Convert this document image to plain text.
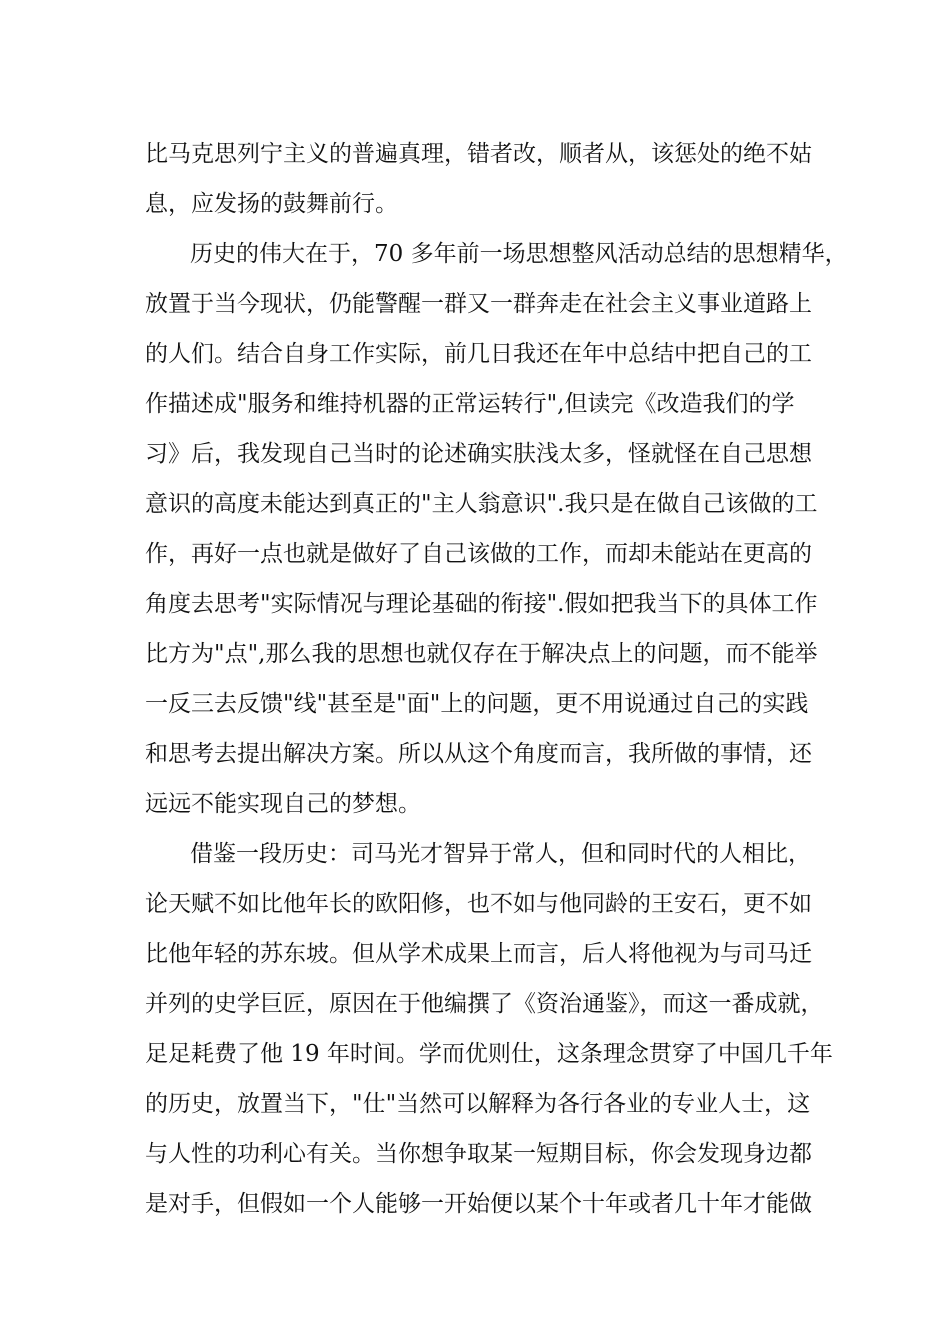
比马克思列宁主义的普遍真理，错者改，顺者从，该惩处的绝不姑

息，应发扬的鼓舞前行。

历史的伟大在于，70 多年前一场思想整风活动总结的思想精华，

放置于当今现状，仍能警醒一群又一群奔走在社会主义事业道路上

的人们。结合自身工作实际，前几日我还在年中总结中把自己的工

作描述成"服务和维持机器的正常运转行",但读完《改造我们的学

习》后，我发现自己当时的论述确实肤浅太多，怪就怪在自己思想

意识的高度未能达到真正的"主人翁意识".我只是在做自己该做的工

作，再好一点也就是做好了自己该做的工作，而却未能站在更高的

角度去思考"实际情况与理论基础的衔接".假如把我当下的具体工作

比方为"点",那么我的思想也就仅存在于解决点上的问题，而不能举

一反三去反馈"线"甚至是"面"上的问题，更不用说通过自己的实践

和思考去提出解决方案。所以从这个角度而言，我所做的事情，还

远远不能实现自己的梦想。

借鉴一段历史：司马光才智异于常人，但和同时代的人相比，

论天赋不如比他年长的欧阳修，也不如与他同龄的王安石，更不如

比他年轻的苏东坡。但从学术成果上而言，后人将他视为与司马迁

并列的史学巨匠，原因在于他编撰了《资治通鉴》，而这一番成就，

足足耗费了他 19 年时间。学而优则仕，这条理念贯穿了中国几千年

的历史，放置当下，"仕"当然可以解释为各行各业的专业人士，这

与人性的功利心有关。当你想争取某一短期目标，你会发现身边都

是对手，但假如一个人能够一开始便以某个十年或者几十年才能做
